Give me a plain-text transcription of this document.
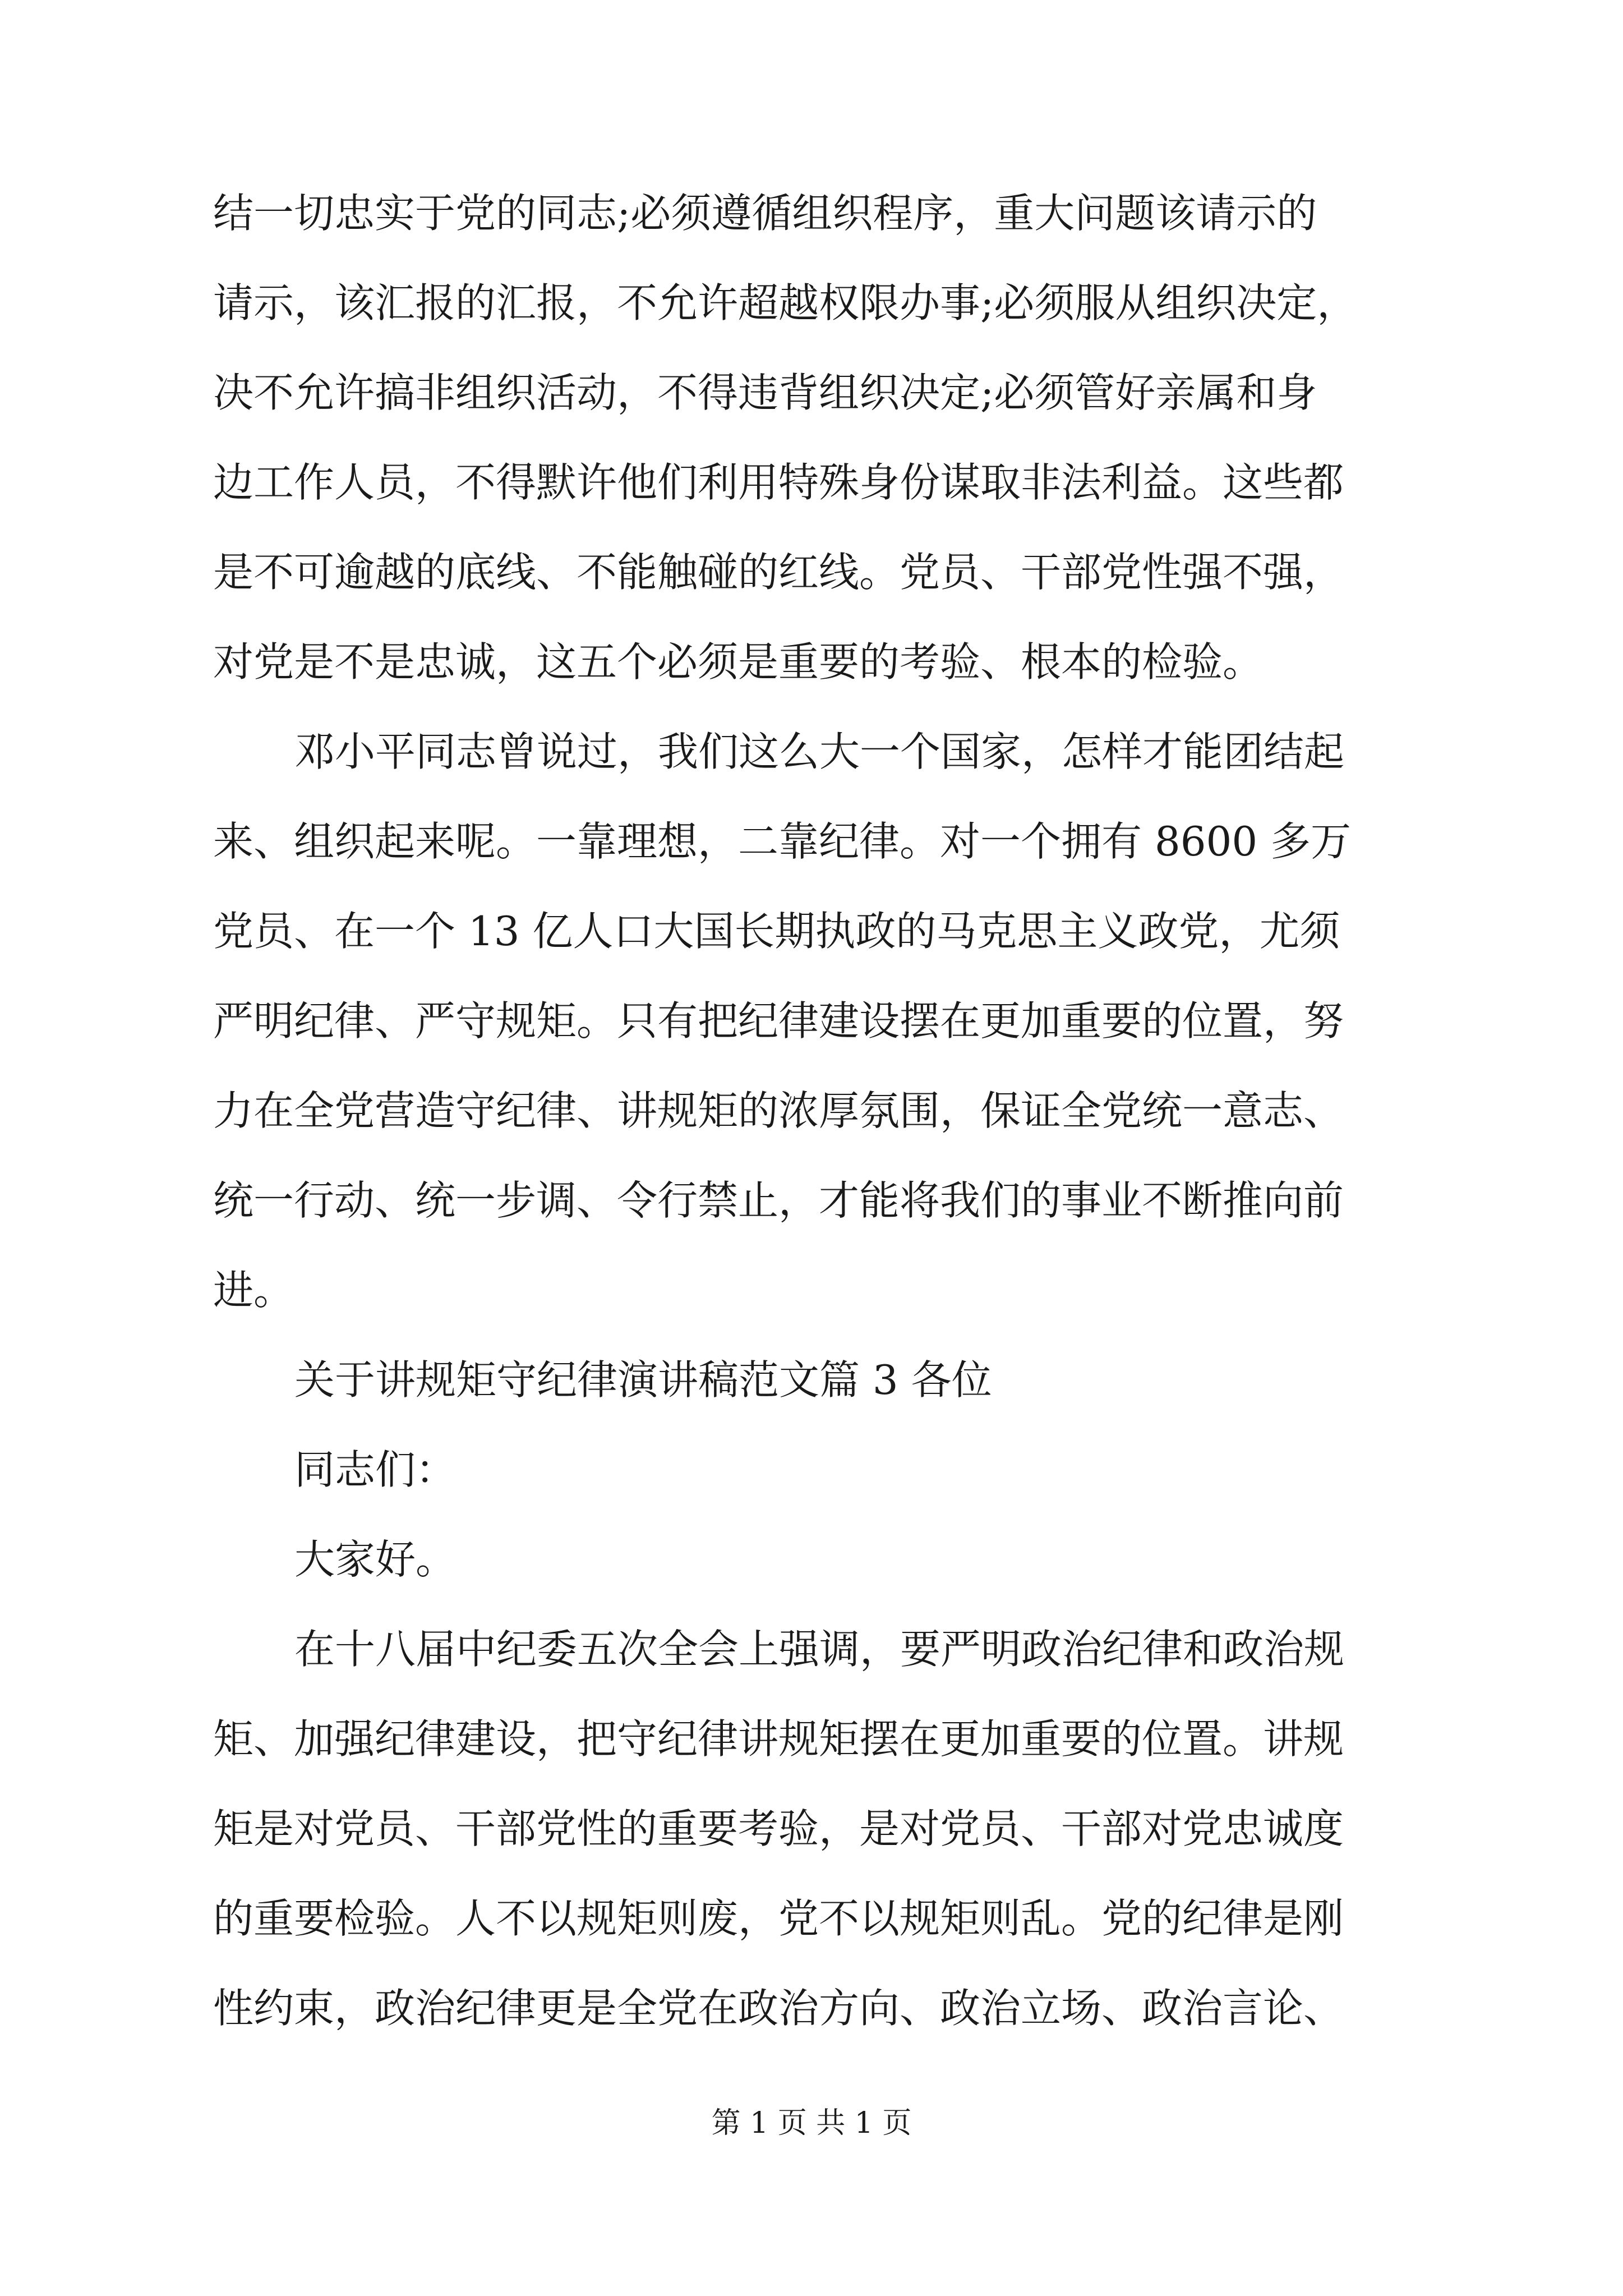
结一切忠实于党的同志;必须遵循组织程序，重大问题该请示的
请示，该汇报的汇报，不允许超越权限办事;必须服从组织决定，
决不允许搞非组织活动，不得违背组织决定;必须管好亲属和身
边工作人员，不得默许他们利用特殊身份谋取非法利益。这些都
是不可逾越的底线、不能触碰的红线。党员、干部党性强不强，
对党是不是忠诚，这五个必须是重要的考验、根本的检验。
邓小平同志曾说过，我们这么大一个国家，怎样才能团结起
来、组织起来呢。一靠理想，二靠纪律。对一个拥有 8600 多万
党员、在一个 13 亿人口大国长期执政的马克思主义政党，尤须
严明纪律、严守规矩。只有把纪律建设摆在更加重要的位置，努
力在全党营造守纪律、讲规矩的浓厚氛围，保证全党统一意志、
统一行动、统一步调、令行禁止，才能将我们的事业不断推向前
进。
关于讲规矩守纪律演讲稿范文篇 3 各位
同志们：
大家好。
在十八届中纪委五次全会上强调，要严明政治纪律和政治规
矩、加强纪律建设，把守纪律讲规矩摆在更加重要的位置。讲规
矩是对党员、干部党性的重要考验，是对党员、干部对党忠诚度
的重要检验。人不以规矩则废，党不以规矩则乱。党的纪律是刚
性约束，政治纪律更是全党在政治方向、政治立场、政治言论、
第 1 页 共 1 页
